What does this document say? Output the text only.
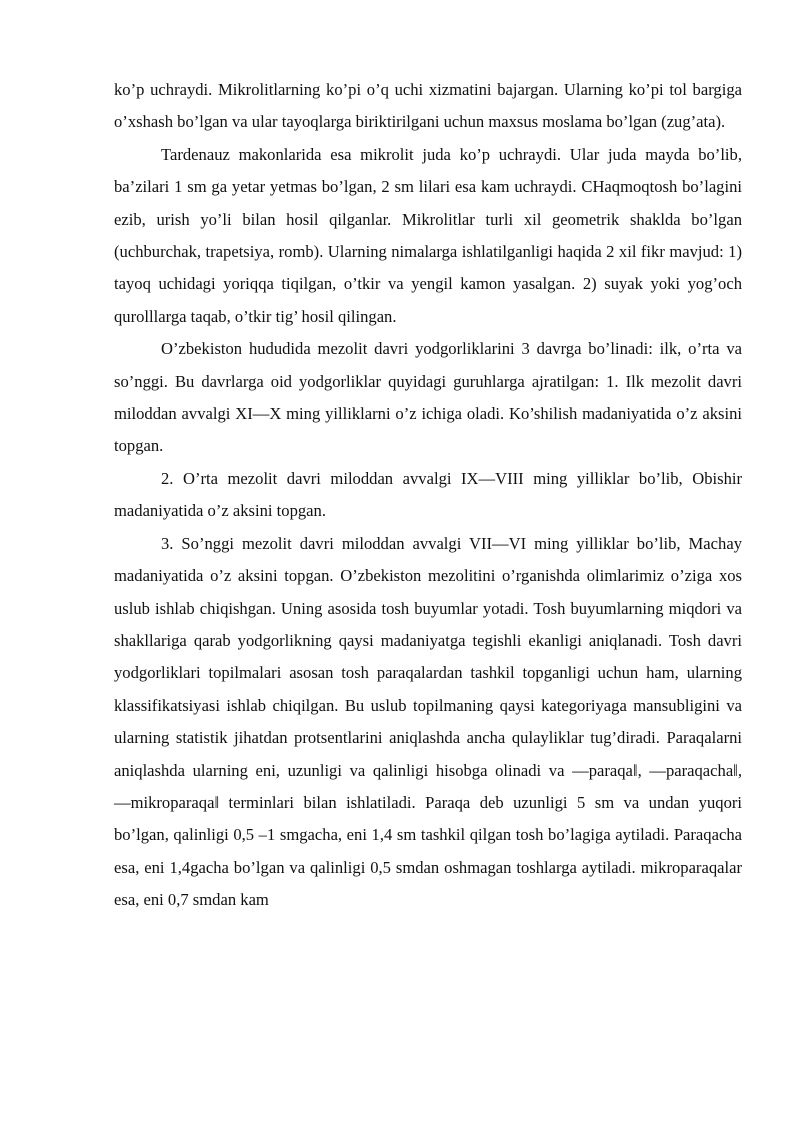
ko’p uchraydi. Mikrolitlarning ko’pi o’q uchi xizmatini bajargan. Ularning ko’pi tol bargiga o’xshash bo’lgan va ular tayoqlarga biriktirilgani uchun maxsus moslama bo’lgan (zug’ata).

Tardenauz makonlarida esa mikrolit juda ko’p uchraydi. Ular juda mayda bo’lib, ba’zilari 1 sm ga yetar yetmas bo’lgan, 2 sm lilari esa kam uchraydi. CHaqmoqtosh bo’lagini ezib, urish yo’li bilan hosil qilganlar. Mikrolitlar turli xil geometrik shaklda bo’lgan (uchburchak, trapetsiya, romb). Ularning nimalarga ishlatilganligi haqida 2 xil fikr mavjud: 1) tayoq uchidagi yoriqqa tiqilgan, o’tkir va yengil kamon yasalgan. 2) suyak yoki yog’och qurolllarga taqab, o’tkir tig’ hosil qilingan.

O’zbekiston hududida mezolit davri yodgorliklarini 3 davrga bo’linadi: ilk, o’rta va so’nggi. Bu davrlarga oid yodgorliklar quyidagi guruhlarga ajratilgan: 1. Ilk mezolit davri miloddan avvalgi XI—X ming yilliklarni o’z ichiga oladi. Ko’shilish madaniyatida o’z aksini topgan.

2. O’rta mezolit davri miloddan avvalgi IX—VIII ming yilliklar bo’lib, Obishir madaniyatida o’z aksini topgan.

3. So’nggi mezolit davri miloddan avvalgi VII—VI ming yilliklar bo’lib, Machay madaniyatida o’z aksini topgan. O’zbekiston mezolitini o’rganishda olimlarimiz o’ziga xos uslub ishlab chiqishgan. Uning asosida tosh buyumlar yotadi. Tosh buyumlarning miqdori va shakllariga qarab yodgorlikning qaysi madaniyatga tegishli ekanligi aniqlanadi. Tosh davri yodgorliklari topilmalari asosan tosh paraqalardan tashkil topganligi uchun ham, ularning klassifikatsiyasi ishlab chiqilgan. Bu uslub topilmaning qaysi kategoriyaga mansubligini va ularning statistik jihatdan protsentlarini aniqlashda ancha qulayliklar tug’diradi. Paraqalarni aniqlashda ularning eni, uzunligi va qalinligi hisobga olinadi va ―paraqa‖, ―paraqacha‖, ―mikroparaqa‖ terminlari bilan ishlatiladi. Paraqa deb uzunligi 5 sm va undan yuqori bo’lgan, qalinligi 0,5 –1 smgacha, eni 1,4 sm tashkil qilgan tosh bo’lagiga aytiladi. Paraqacha esa, eni 1,4gacha bo’lgan va qalinligi 0,5 smdan oshmagan toshlarga aytiladi. mikroparaqalar esa, eni 0,7 smdan kam
